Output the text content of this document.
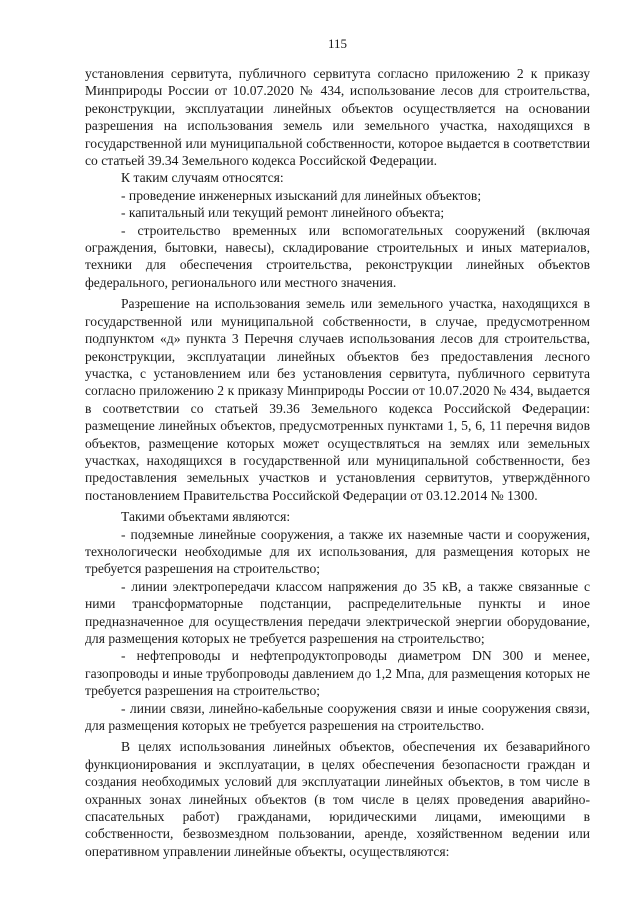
115

установления сервитута, публичного сервитута согласно приложению 2 к приказу Минприроды России от 10.07.2020 № 434, использование лесов для строительства, реконструкции, эксплуатации линейных объектов осуществляется на основании разрешения на использования земель или земельного участка, находящихся в государственной или муниципальной собственности, которое выдается в соответствии со статьей 39.34 Земельного кодекса Российской Федерации.

К таким случаям относятся:

- проведение инженерных изысканий для линейных объектов;

- капитальный или текущий ремонт линейного объекта;

- строительство временных или вспомогательных сооружений (включая ограждения, бытовки, навесы), складирование строительных и иных материалов, техники для обеспечения строительства, реконструкции линейных объектов федерального, регионального или местного значения.

Разрешение на использования земель или земельного участка, находящихся в государственной или муниципальной собственности, в случае, предусмотренном подпунктом «д» пункта 3 Перечня случаев использования лесов для строительства, реконструкции, эксплуатации линейных объектов без предоставления лесного участка, с установлением или без установления сервитута, публичного сервитута согласно приложению 2 к приказу Минприроды России от 10.07.2020 № 434, выдается в соответствии со статьей 39.36 Земельного кодекса Российской Федерации: размещение линейных объектов, предусмотренных пунктами 1, 5, 6, 11 перечня видов объектов, размещение которых может осуществляться на землях или земельных участках, находящихся в государственной или муниципальной собственности, без предоставления земельных участков и установления сервитутов, утверждённого постановлением Правительства Российской Федерации от 03.12.2014 № 1300.

Такими объектами являются:

- подземные линейные сооружения, а также их наземные части и сооружения, технологически необходимые для их использования, для размещения которых не требуется разрешения на строительство;

- линии электропередачи классом напряжения до 35 кВ, а также связанные с ними трансформаторные подстанции, распределительные пункты и иное предназначенное для осуществления передачи электрической энергии оборудование, для размещения которых не требуется разрешения на строительство;

- нефтепроводы и нефтепродуктопроводы диаметром DN 300 и менее, газопроводы и иные трубопроводы давлением до 1,2 Мпа, для размещения которых не требуется разрешения на строительство;

- линии связи, линейно-кабельные сооружения связи и иные сооружения связи, для размещения которых не требуется разрешения на строительство.

В целях использования линейных объектов, обеспечения их безаварийного функционирования и эксплуатации, в целях обеспечения безопасности граждан и создания необходимых условий для эксплуатации линейных объектов, в том числе в охранных зонах линейных объектов (в том числе в целях проведения аварийно-спасательных работ) гражданами, юридическими лицами, имеющими в собственности, безвозмездном пользовании, аренде, хозяйственном ведении или оперативном управлении линейные объекты, осуществляются:
